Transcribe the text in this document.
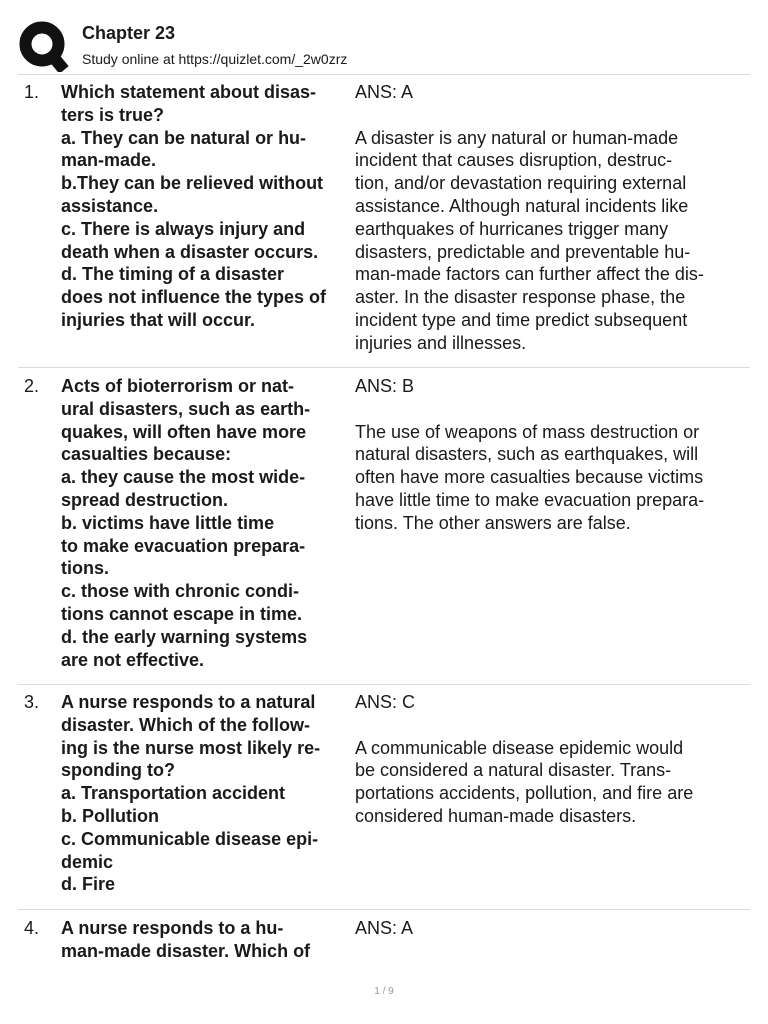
Chapter 23
Study online at https://quizlet.com/_2w0zrz
1. Which statement about disas-
ters is true?
a. They can be natural or hu-
man-made.
b.They can be relieved without
assistance.
c. There is always injury and
death when a disaster occurs.
d. The timing of a disaster
does not influence the types of
injuries that will occur.
ANS: A

A disaster is any natural or human-made
incident that causes disruption, destruc-
tion, and/or devastation requiring external
assistance. Although natural incidents like
earthquakes of hurricanes trigger many
disasters, predictable and preventable hu-
man-made factors can further affect the dis-
aster. In the disaster response phase, the
incident type and time predict subsequent
injuries and illnesses.
2. Acts of bioterrorism or nat-
ural disasters, such as earth-
quakes, will often have more
casualties because:
a. they cause the most wide-
spread destruction.
b. victims have little time
to make evacuation prepara-
tions.
c. those with chronic condi-
tions cannot escape in time.
d. the early warning systems
are not effective.
ANS: B

The use of weapons of mass destruction or
natural disasters, such as earthquakes, will
often have more casualties because victims
have little time to make evacuation prepara-
tions. The other answers are false.
3. A nurse responds to a natural
disaster. Which of the follow-
ing is the nurse most likely re-
sponding to?
a. Transportation accident
b. Pollution
c. Communicable disease epi-
demic
d. Fire
ANS: C

A communicable disease epidemic would
be considered a natural disaster. Trans-
portations accidents, pollution, and fire are
considered human-made disasters.
4. A nurse responds to a hu-
man-made disaster. Which of
ANS: A
1 / 9
